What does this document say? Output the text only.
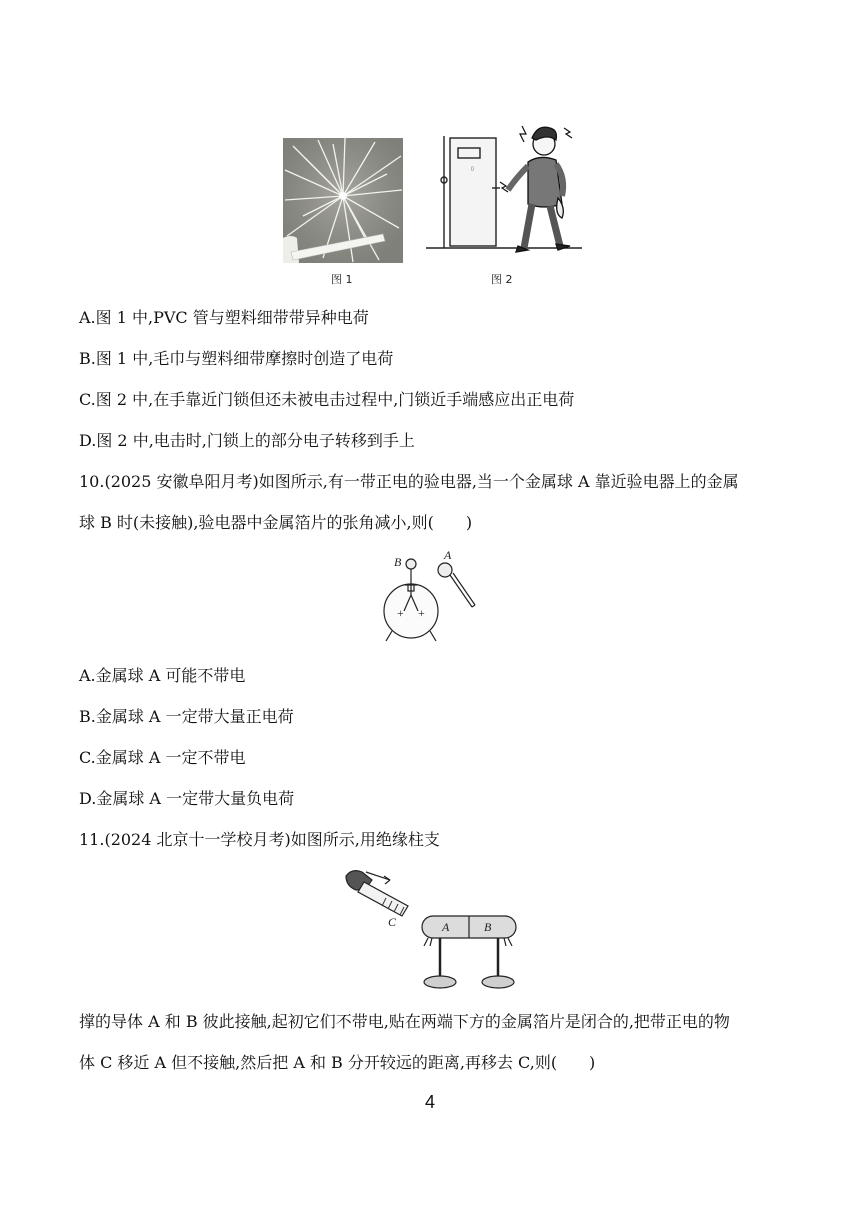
▯
图 1	图 2
A.图 1 中,PVC 管与塑料细带带异种电荷
B.图 1 中,毛巾与塑料细带摩擦时创造了电荷
C.图 2 中,在手靠近门锁但还未被电击过程中,门锁近手端感应出正电荷
D.图 2 中,电击时,门锁上的部分电子转移到手上
10.(2025 安徽阜阳月考)如图所示,有一带正电的验电器,当一个金属球 A 靠近验电器上的金属
球 B 时(未接触),验电器中金属箔片的张角减小,则(　　)
B	A
+ +
A.金属球 A 可能不带电
B.金属球 A 一定带大量正电荷
C.金属球 A 一定不带电
D.金属球 A 一定带大量负电荷
11.(2024 北京十一学校月考)如图所示,用绝缘柱支
C	A	B
撑的导体 A 和 B 彼此接触,起初它们不带电,贴在两端下方的金属箔片是闭合的,把带正电的物
体 C 移近 A 但不接触,然后把 A 和 B 分开较远的距离,再移去 C,则(　　)
4
